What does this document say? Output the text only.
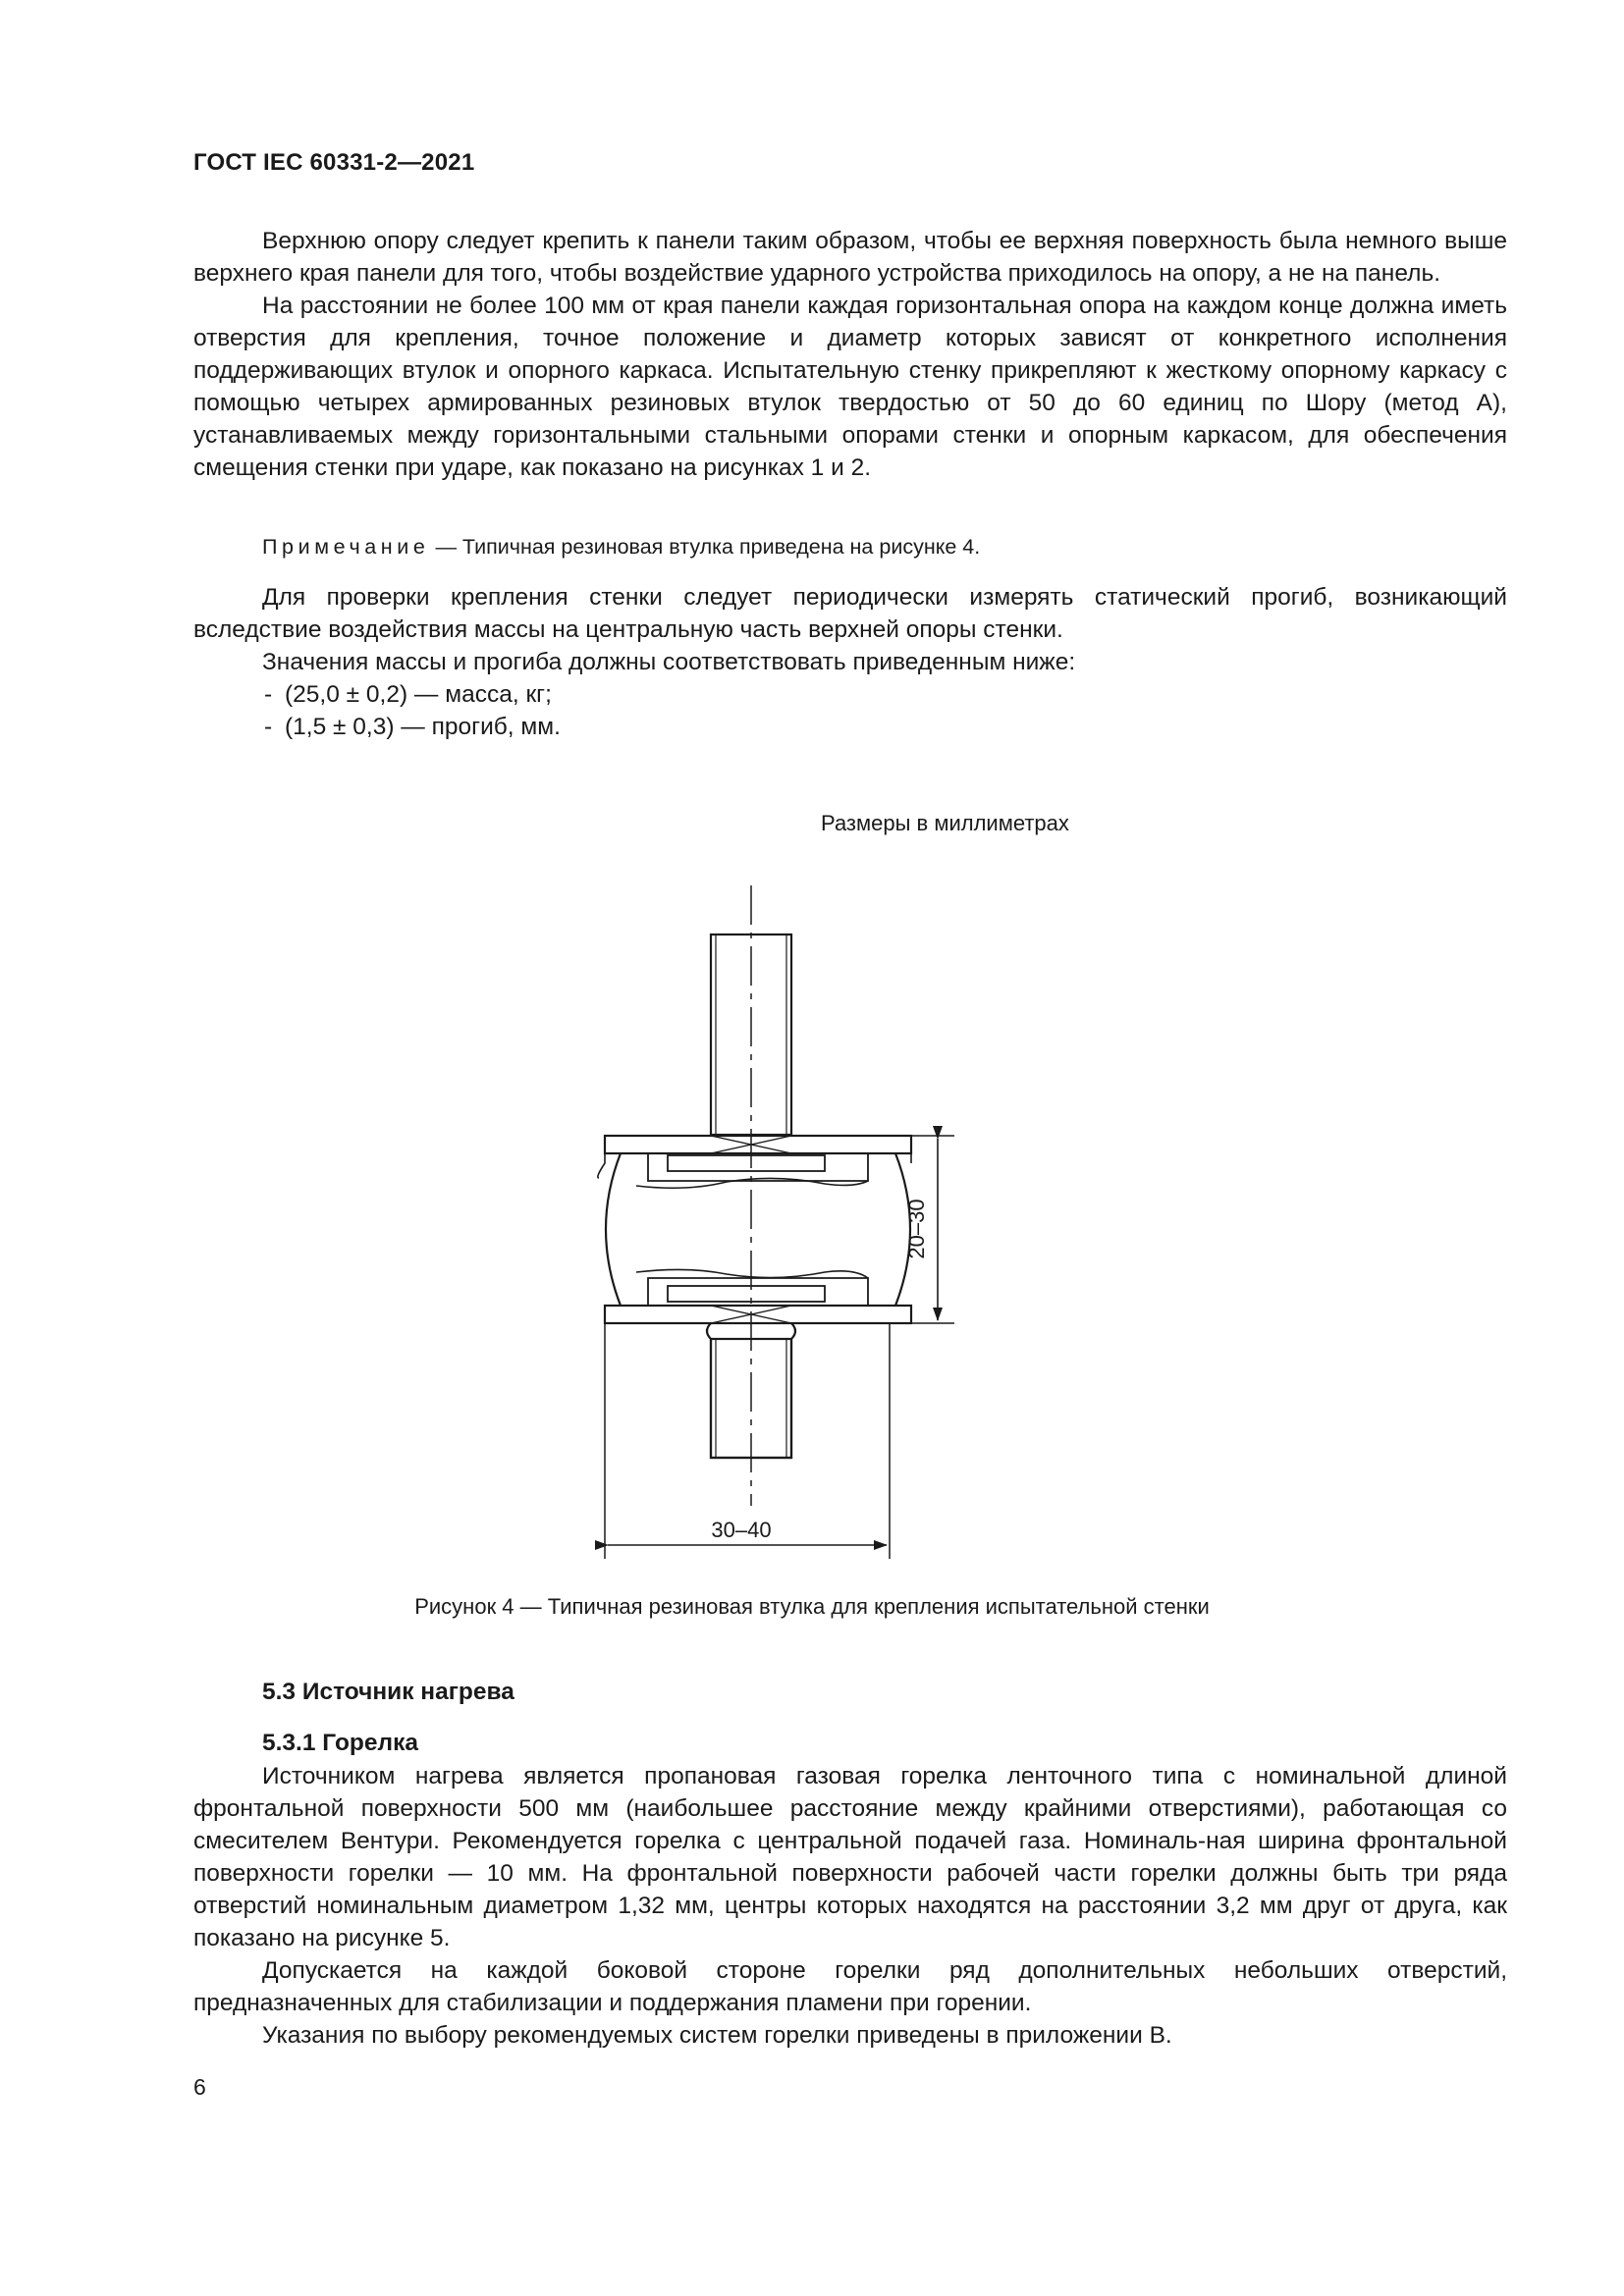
ГОСТ IEC 60331-2—2021

Верхнюю опору следует крепить к панели таким образом, чтобы ее верхняя поверхность была немного выше верхнего края панели для того, чтобы воздействие ударного устройства приходилось на опору, а не на панель.

На расстоянии не более 100 мм от края панели каждая горизонтальная опора на каждом конце должна иметь отверстия для крепления, точное положение и диаметр которых зависят от конкретного исполнения поддерживающих втулок и опорного каркаса. Испытательную стенку прикрепляют к жесткому опорному каркасу с помощью четырех армированных резиновых втулок твердостью от 50 до 60 единиц по Шору (метод A), устанавливаемых между горизонтальными стальными опорами стенки и опорным каркасом, для обеспечения смещения стенки при ударе, как показано на рисунках 1 и 2.

Примечание — Типичная резиновая втулка приведена на рисунке 4.

Для проверки крепления стенки следует периодически измерять статический прогиб, возникающий вследствие воздействия массы на центральную часть верхней опоры стенки.

Значения массы и прогиба должны соответствовать приведенным ниже:

- (25,0 ± 0,2) — масса, кг;
- (1,5 ± 0,3) — прогиб, мм.
Размеры в миллиметрах
20–30
30–40
Рисунок 4 — Типичная резиновая втулка для крепления испытательной стенки
5.3 Источник нагрева
5.3.1 Горелка

Источником нагрева является пропановая газовая горелка ленточного типа с номинальной длиной фронтальной поверхности 500 мм (наибольшее расстояние между крайними отверстиями), работающая со смесителем Вентури. Рекомендуется горелка с центральной подачей газа. Номиналь-ная ширина фронтальной поверхности горелки — 10 мм. На фронтальной поверхности рабочей части горелки должны быть три ряда отверстий номинальным диаметром 1,32 мм, центры которых находятся на расстоянии 3,2 мм друг от друга, как показано на рисунке 5.

Допускается на каждой боковой стороне горелки ряд дополнительных небольших отверстий, предназначенных для стабилизации и поддержания пламени при горении.

Указания по выбору рекомендуемых систем горелки приведены в приложении B.

6
